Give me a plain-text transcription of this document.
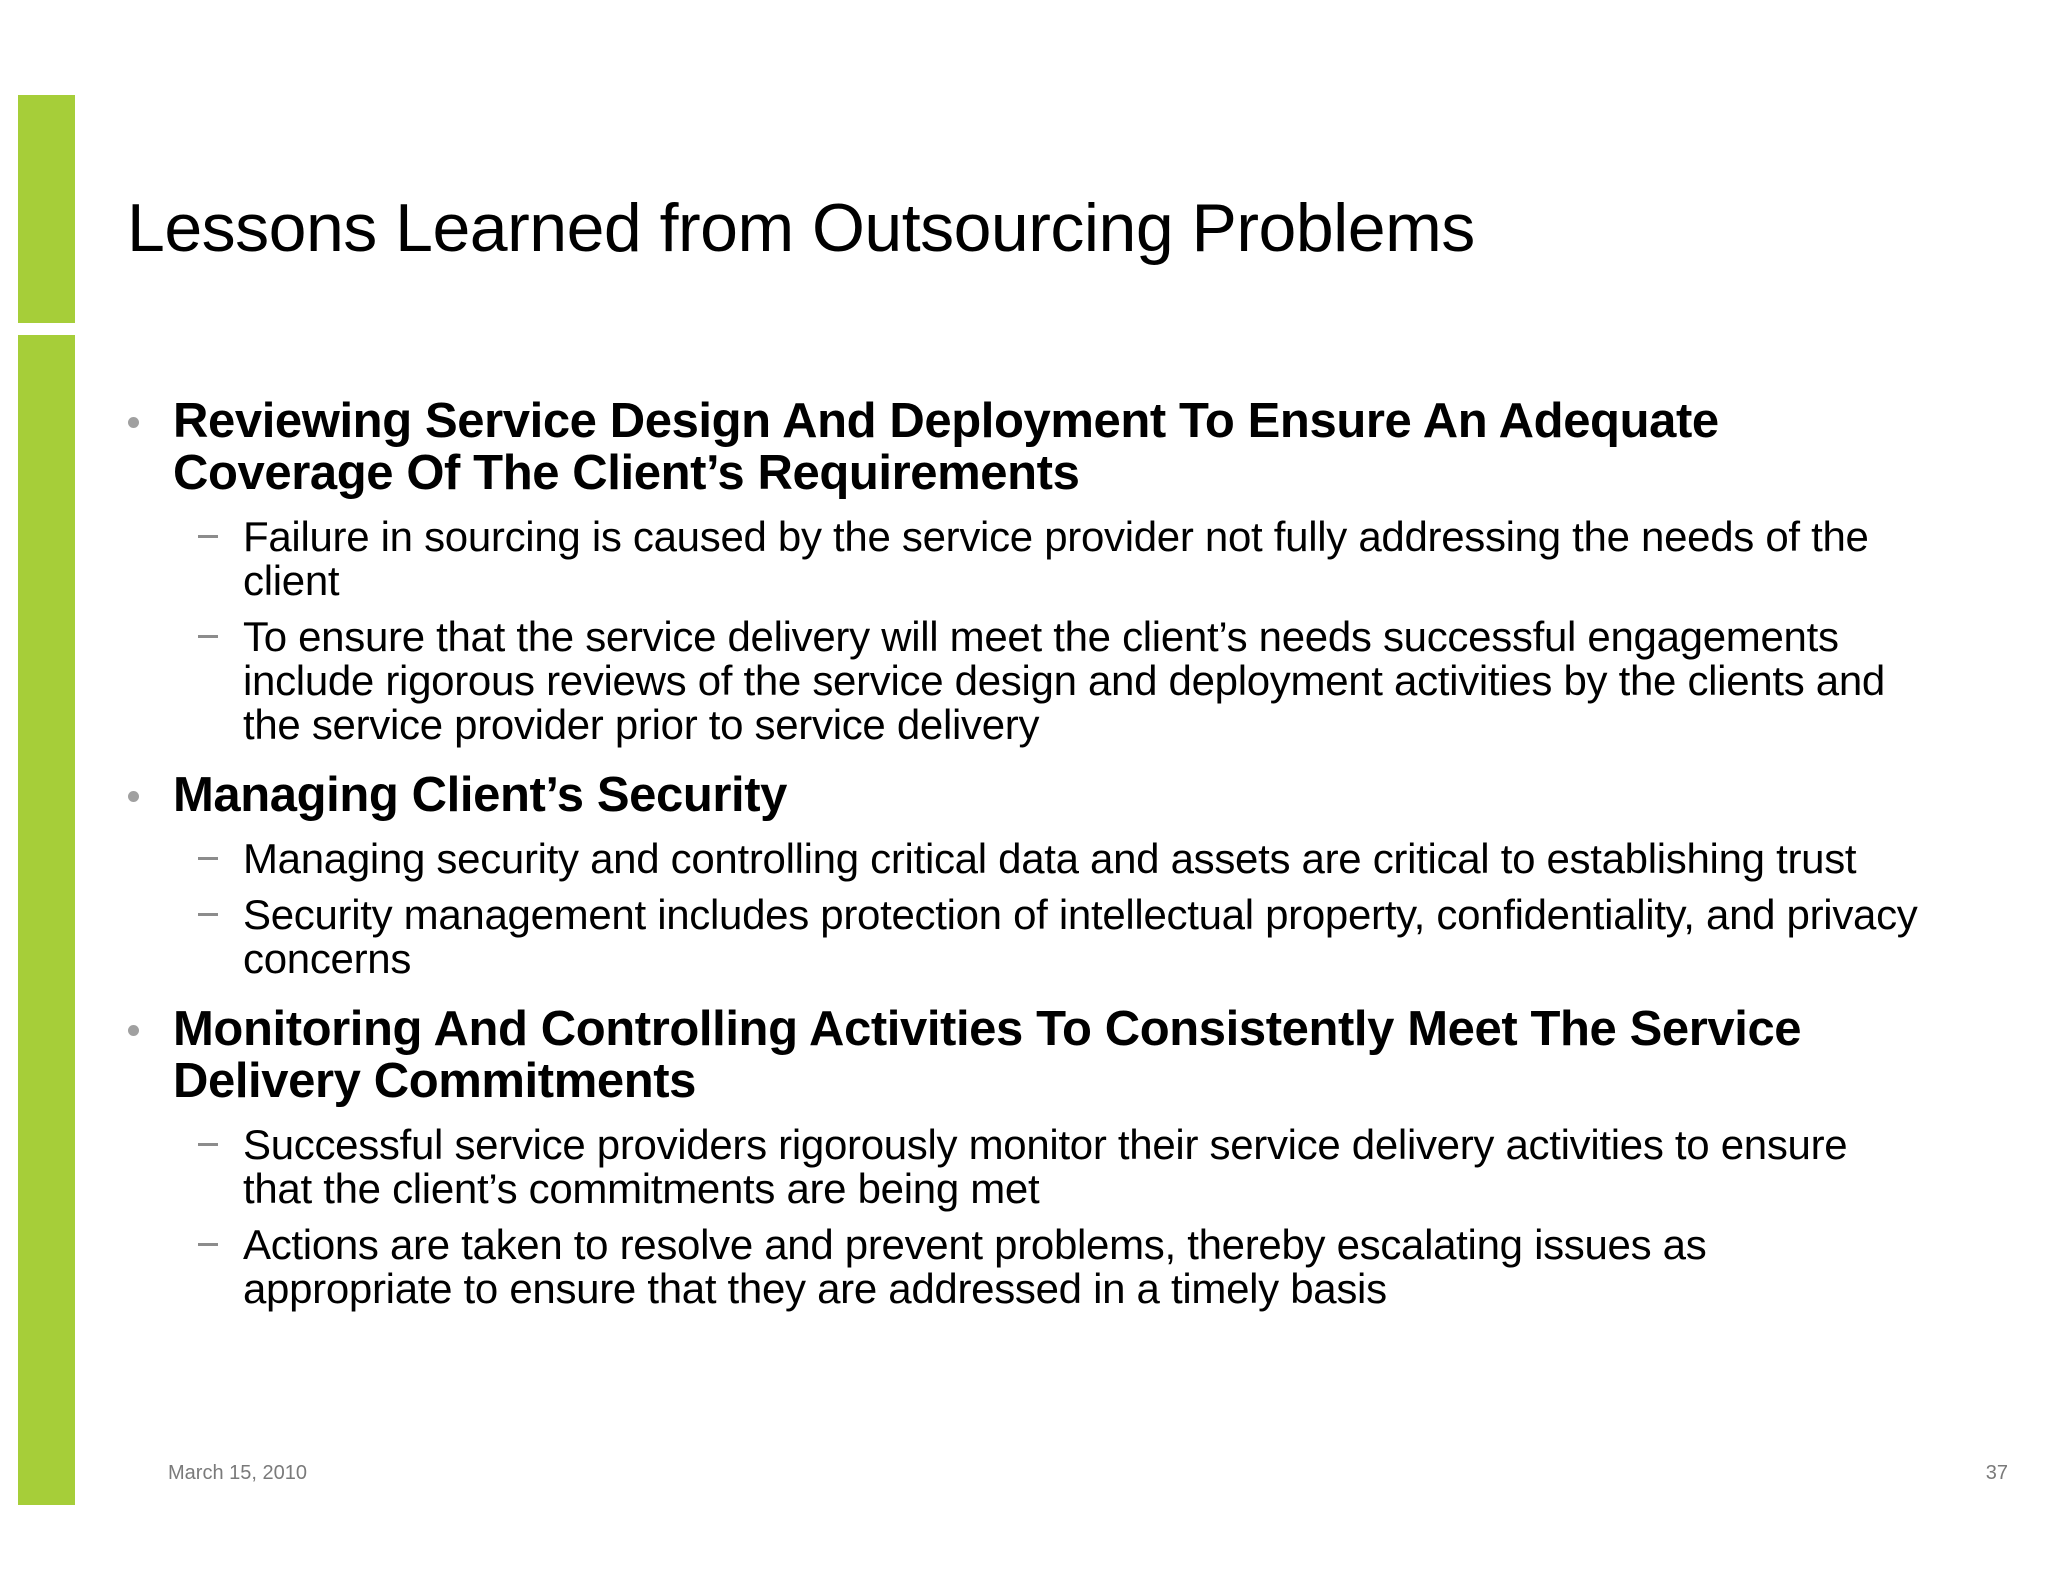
Lessons Learned from Outsourcing Problems
Reviewing Service Design And Deployment To Ensure An Adequate Coverage Of The Client’s Requirements
Failure in sourcing is caused by the service provider not fully addressing the needs of the client
To ensure that the service delivery will meet the client’s needs successful engagements include rigorous reviews of the service design and deployment activities by the clients and the service provider prior to service delivery
Managing Client’s Security
Managing security and controlling critical data and assets are critical to establishing trust
Security management includes protection of intellectual property, confidentiality, and privacy concerns
Monitoring And Controlling Activities To Consistently Meet The Service Delivery Commitments
Successful service providers rigorously monitor their service delivery activities to ensure that the client’s commitments are being met
Actions are taken to resolve and prevent problems, thereby escalating issues as appropriate to ensure that they are addressed in a timely basis
March 15, 2010	37
